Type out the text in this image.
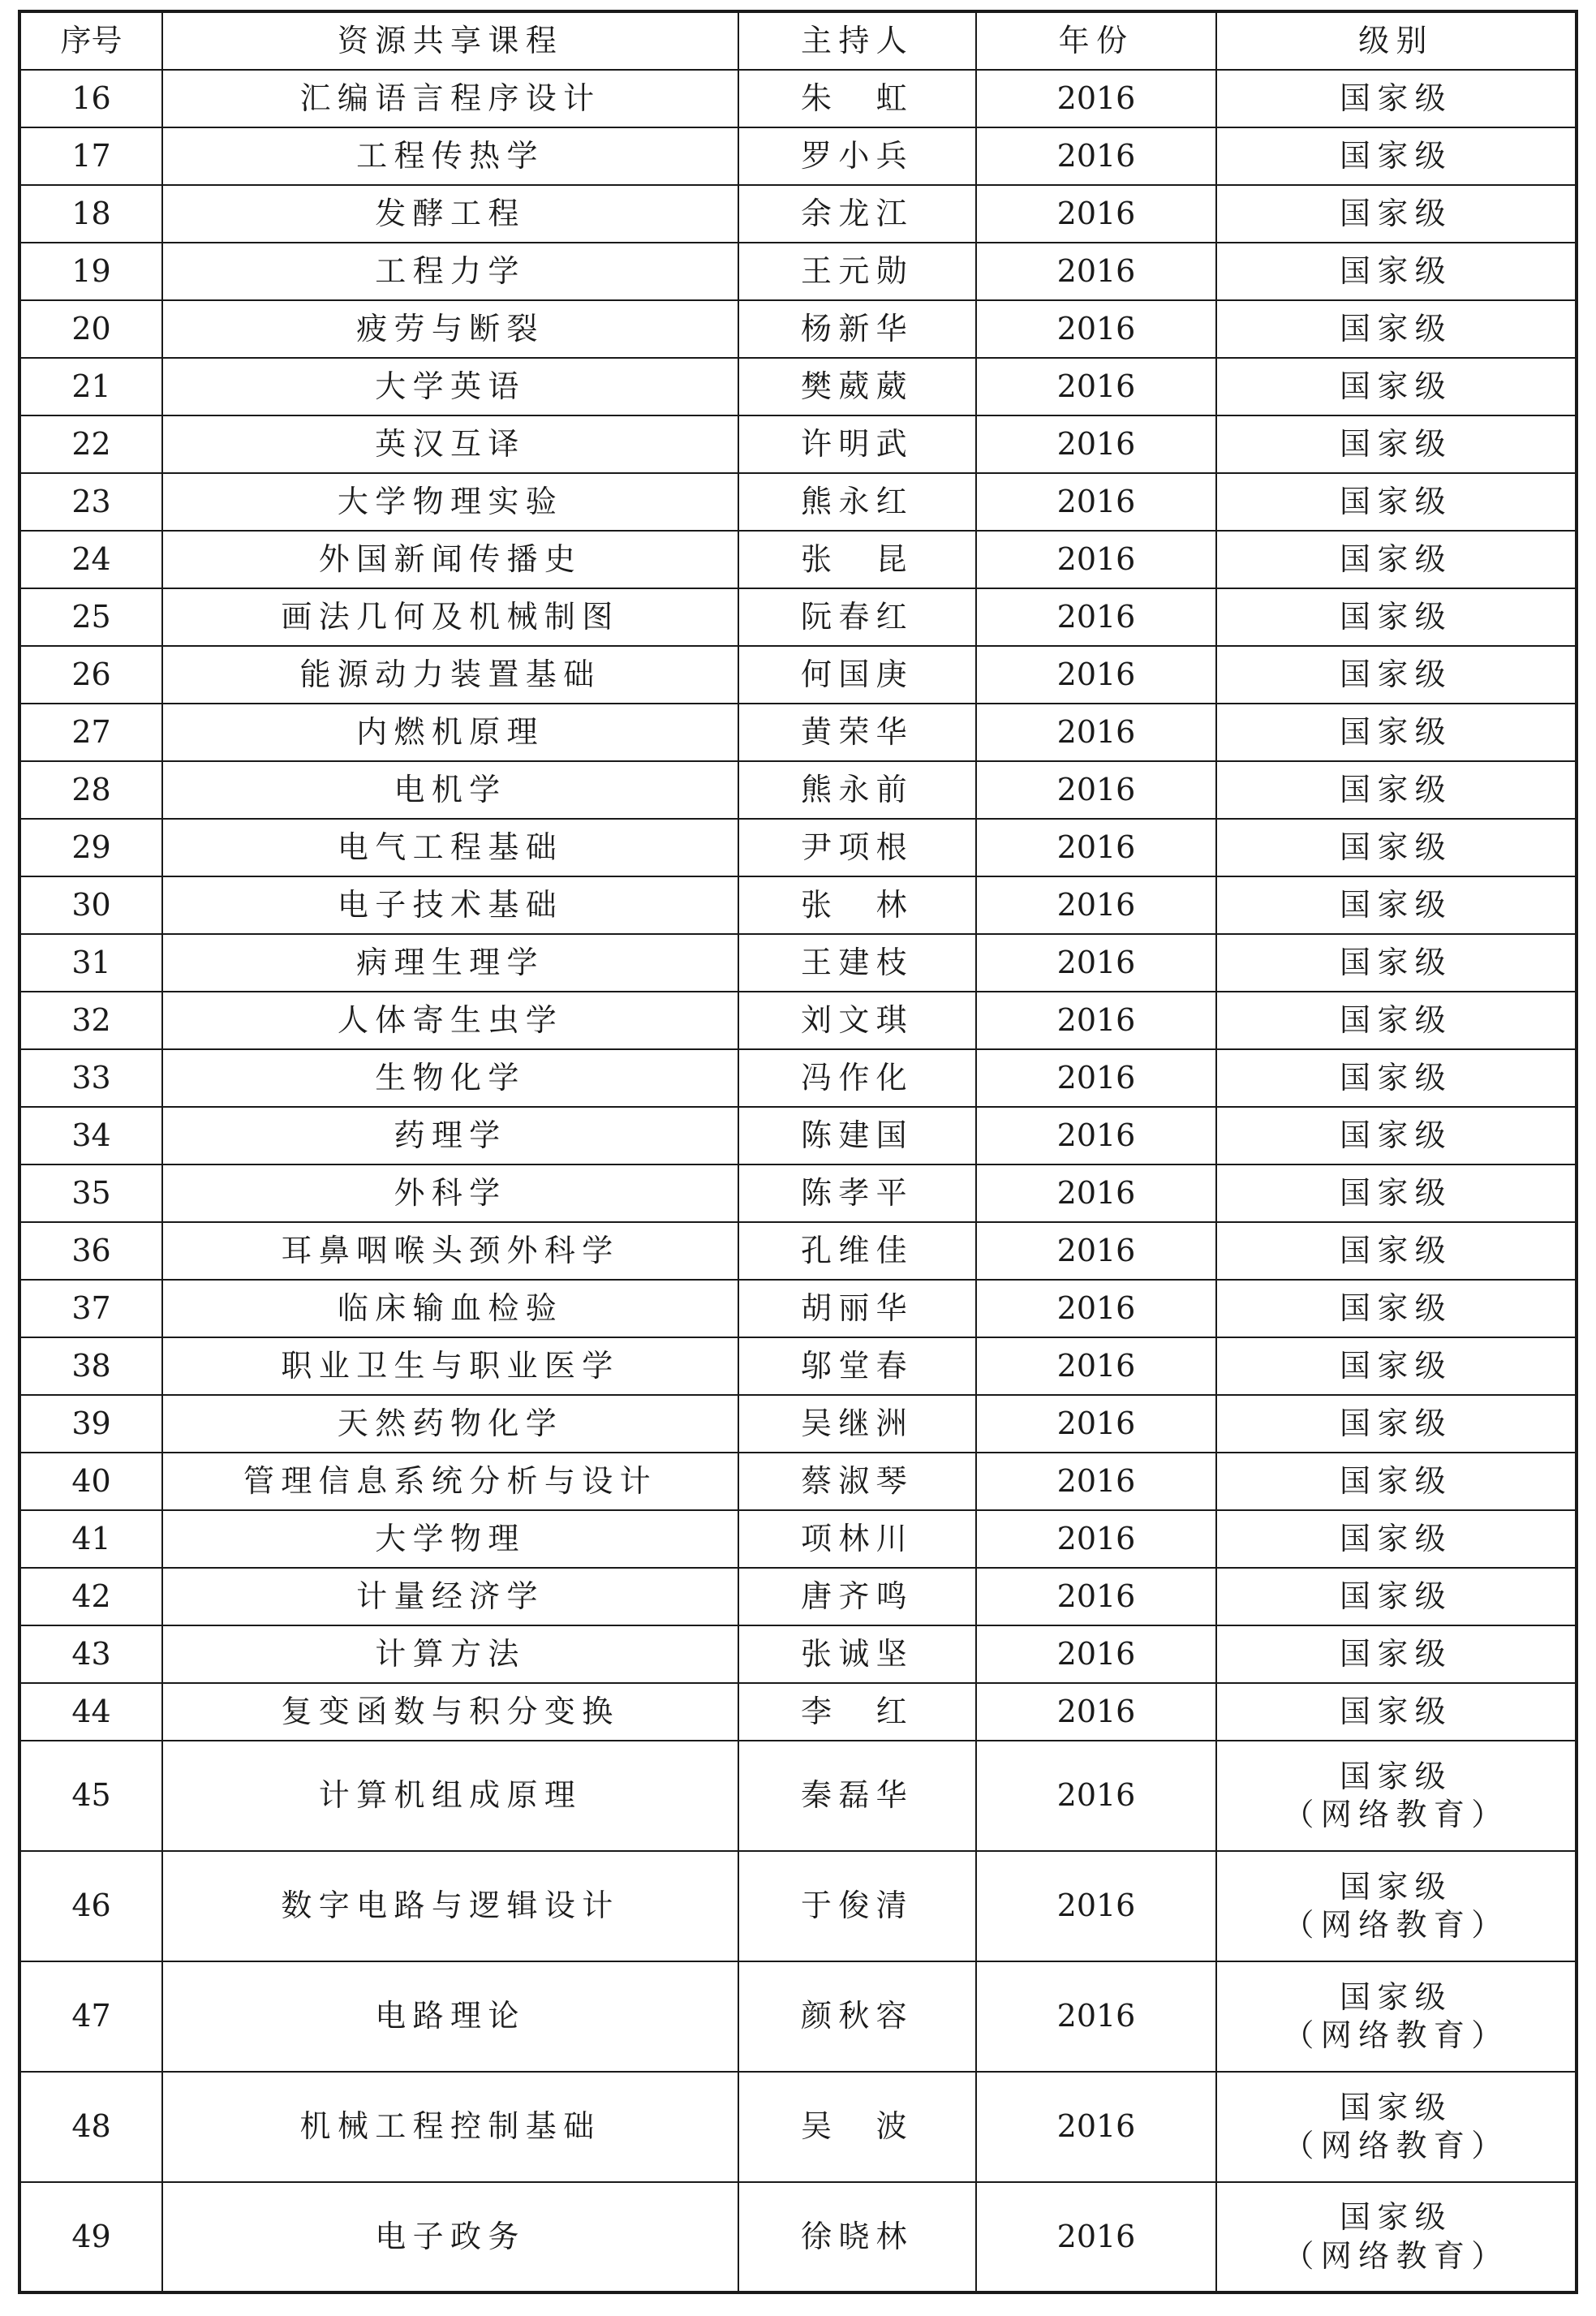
序号	资源共享课程	主持人	年份	级别
16	汇编语言程序设计	朱　虹	2016	国家级

17	工程传热学	罗小兵	2016	国家级

18	发酵工程	余龙江	2016	国家级

19	工程力学	王元勋	2016	国家级

20	疲劳与断裂	杨新华	2016	国家级

21	大学英语	樊葳葳	2016	国家级

22	英汉互译	许明武	2016	国家级

23	大学物理实验	熊永红	2016	国家级

24	外国新闻传播史	张　昆	2016	国家级

25	画法几何及机械制图	阮春红	2016	国家级

26	能源动力装置基础	何国庚	2016	国家级

27	内燃机原理	黄荣华	2016	国家级

28	电机学	熊永前	2016	国家级

29	电气工程基础	尹项根	2016	国家级

30	电子技术基础	张　林	2016	国家级

31	病理生理学	王建枝	2016	国家级

32	人体寄生虫学	刘文琪	2016	国家级

33	生物化学	冯作化	2016	国家级

34	药理学	陈建国	2016	国家级

35	外科学	陈孝平	2016	国家级

36	耳鼻咽喉头颈外科学	孔维佳	2016	国家级

37	临床输血检验	胡丽华	2016	国家级

38	职业卫生与职业医学	邬堂春	2016	国家级

39	天然药物化学	吴继洲	2016	国家级

40	管理信息系统分析与设计	蔡淑琴	2016	国家级

41	大学物理	项林川	2016	国家级

42	计量经济学	唐齐鸣	2016	国家级

43	计算方法	张诚坚	2016	国家级

44	复变函数与积分变换	李　红	2016	国家级

45	计算机组成原理	秦磊华	2016	国家级
（网络教育）

46	数字电路与逻辑设计	于俊清	2016	国家级
（网络教育）

47	电路理论	颜秋容	2016	国家级
（网络教育）

48	机械工程控制基础	吴　波	2016	国家级
（网络教育）

49	电子政务	徐晓林	2016	国家级
（网络教育）
